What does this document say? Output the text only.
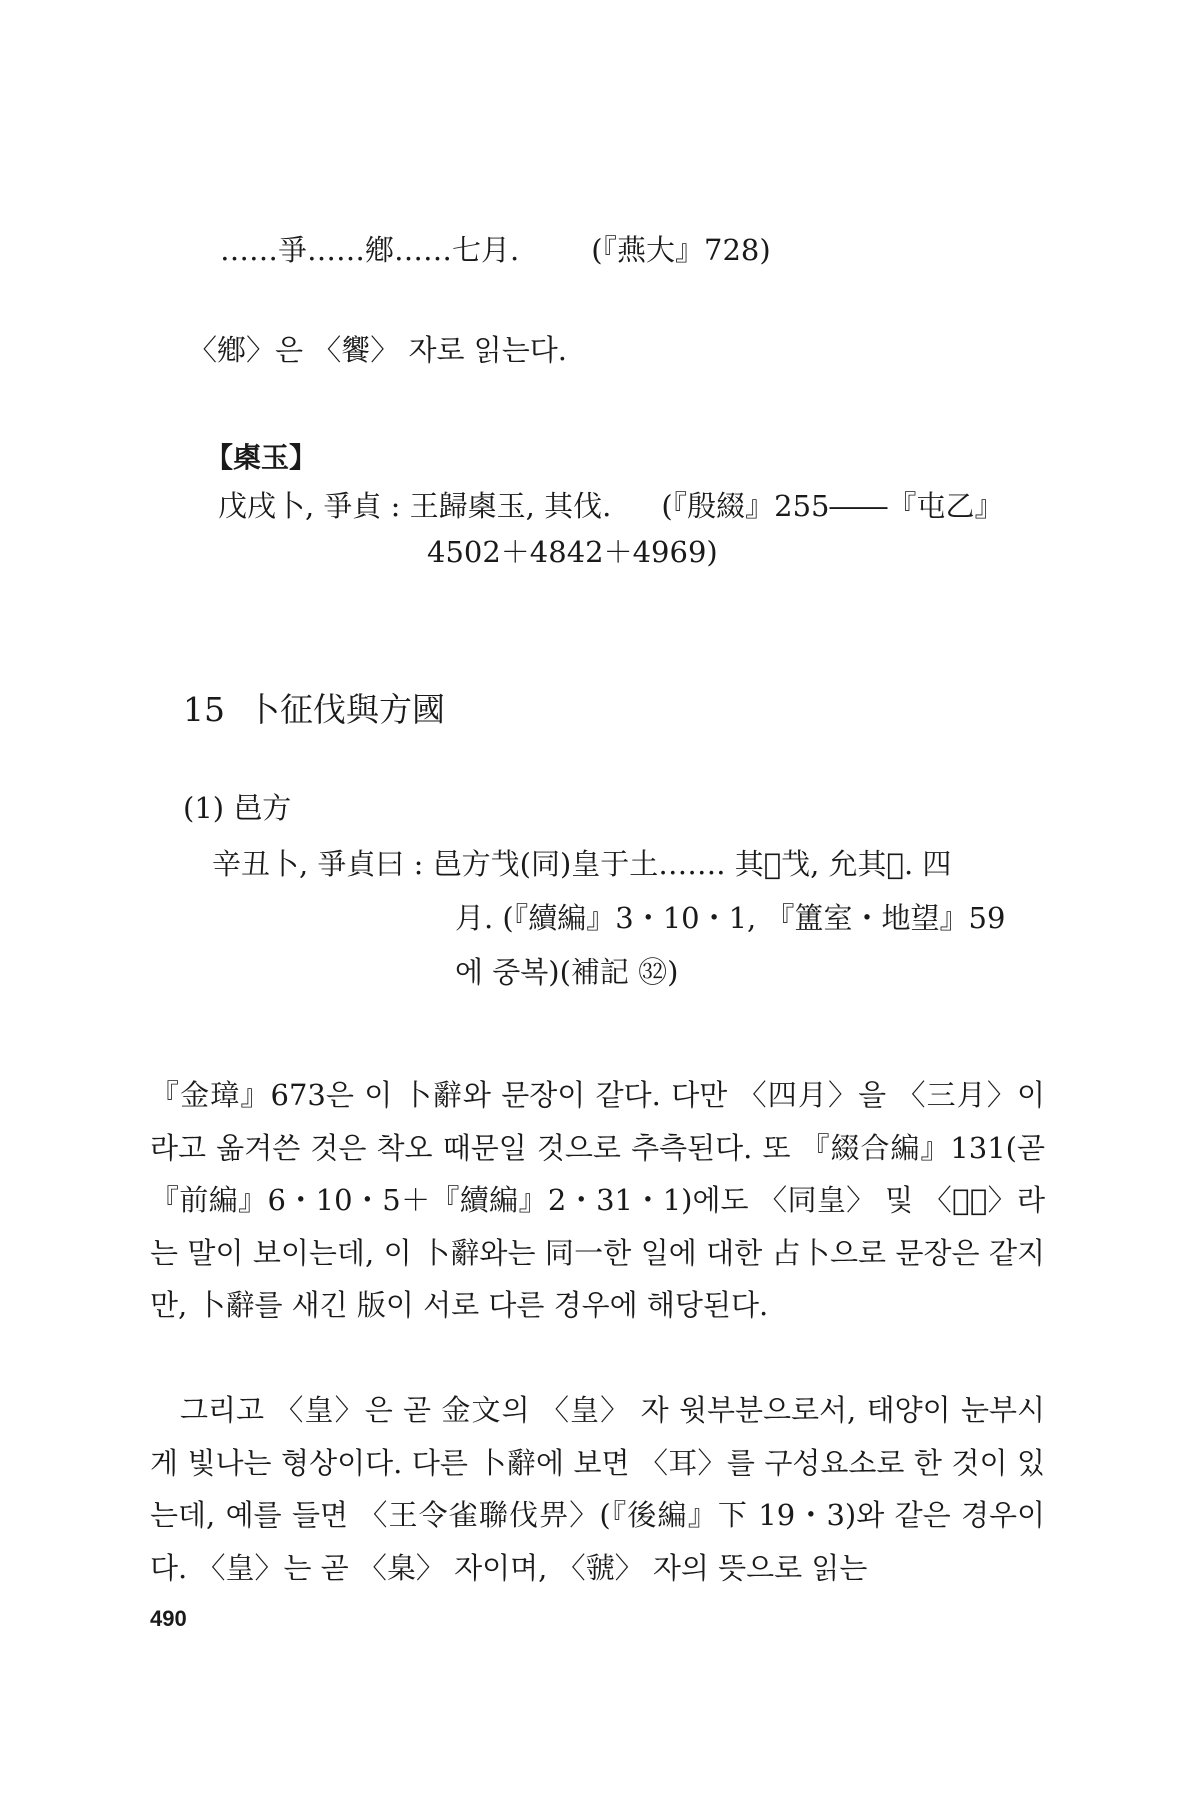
……爭……鄕……七月. (『燕大』728)
〈鄕〉은 〈饗〉 자로 읽는다.
【㮚玉】
戊戌卜, 爭貞 : 王歸㮚玉, 其伐. (『殷綴』255――『屯乙』
4502＋4842＋4969)
15 卜征伐與方國
(1) 邑方
辛丑卜, 爭貞曰 : 邑方𢦏(同)皇于土……. 其𦎫𢦏, 允其𦎫. 四
月. (『續編』3・10・1, 『簠室・地望』59
에 중복)(補記 ㉜)

『金璋』673은 이 卜辭와 문장이 같다. 다만 〈四月〉을 〈三月〉이라고 옮겨쓴 것은 착오 때문일 것으로 추측된다. 또 『綴合編』131(곧 『前編』6・10・5＋『續編』2・31・1)에도 〈同皇〉 및 〈𦎫𢦏〉라는 말이 보이는데, 이 卜辭와는 同一한 일에 대한 占卜으로 문장은 같지만, 卜辭를 새긴 版이 서로 다른 경우에 해당된다.

그리고 〈皇〉은 곧 金文의 〈皇〉 자 윗부분으로서, 태양이 눈부시게 빛나는 형상이다. 다른 卜辭에 보면 〈耳〉를 구성요소로 한 것이 있는데, 예를 들면 〈王令雀聯伐畀〉(『後編』下 19・3)와 같은 경우이다. 〈皇〉는 곧 〈臬〉 자이며, 〈虢〉 자의 뜻으로 읽는

490
